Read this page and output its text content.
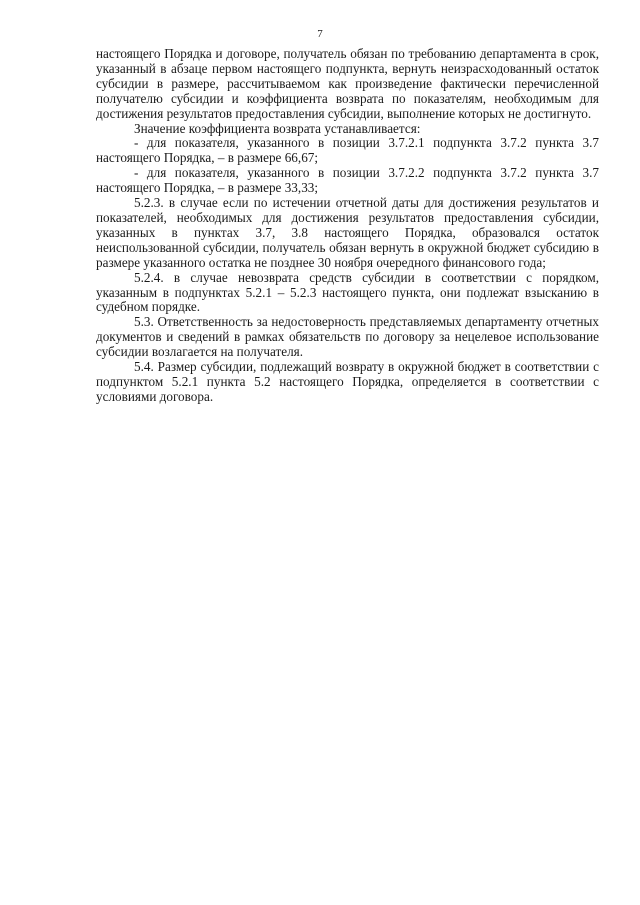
7

настоящего Порядка и договоре, получатель обязан по требованию департамента в срок, указанный в абзаце первом настоящего подпункта, вернуть неизрасходованный остаток субсидии в размере, рассчитываемом как произведение фактически перечисленной получателю субсидии и коэффициента возврата по показателям, необходимым для достижения результатов предоставления субсидии, выполнение которых не достигнуто.

Значение коэффициента возврата устанавливается:

- для показателя, указанного в позиции 3.7.2.1 подпункта 3.7.2 пункта 3.7 настоящего Порядка, – в размере 66,67;

- для показателя, указанного в позиции 3.7.2.2 подпункта 3.7.2 пункта 3.7 настоящего Порядка, – в размере 33,33;

5.2.3. в случае если по истечении отчетной даты для достижения результатов и показателей, необходимых для достижения результатов предоставления субсидии, указанных в пунктах 3.7, 3.8 настоящего Порядка, образовался остаток неиспользованной субсидии, получатель обязан вернуть в окружной бюджет субсидию в размере указанного остатка не позднее 30 ноября очередного финансового года;

5.2.4. в случае невозврата средств субсидии в соответствии с порядком, указанным в подпунктах 5.2.1 – 5.2.3 настоящего пункта, они подлежат взысканию в судебном порядке.

5.3. Ответственность за недостоверность представляемых департаменту отчетных документов и сведений в рамках обязательств по договору за нецелевое использование субсидии возлагается на получателя.

5.4. Размер субсидии, подлежащий возврату в окружной бюджет в соответствии с подпунктом 5.2.1 пункта 5.2 настоящего Порядка, определяется в соответствии с условиями договора.
